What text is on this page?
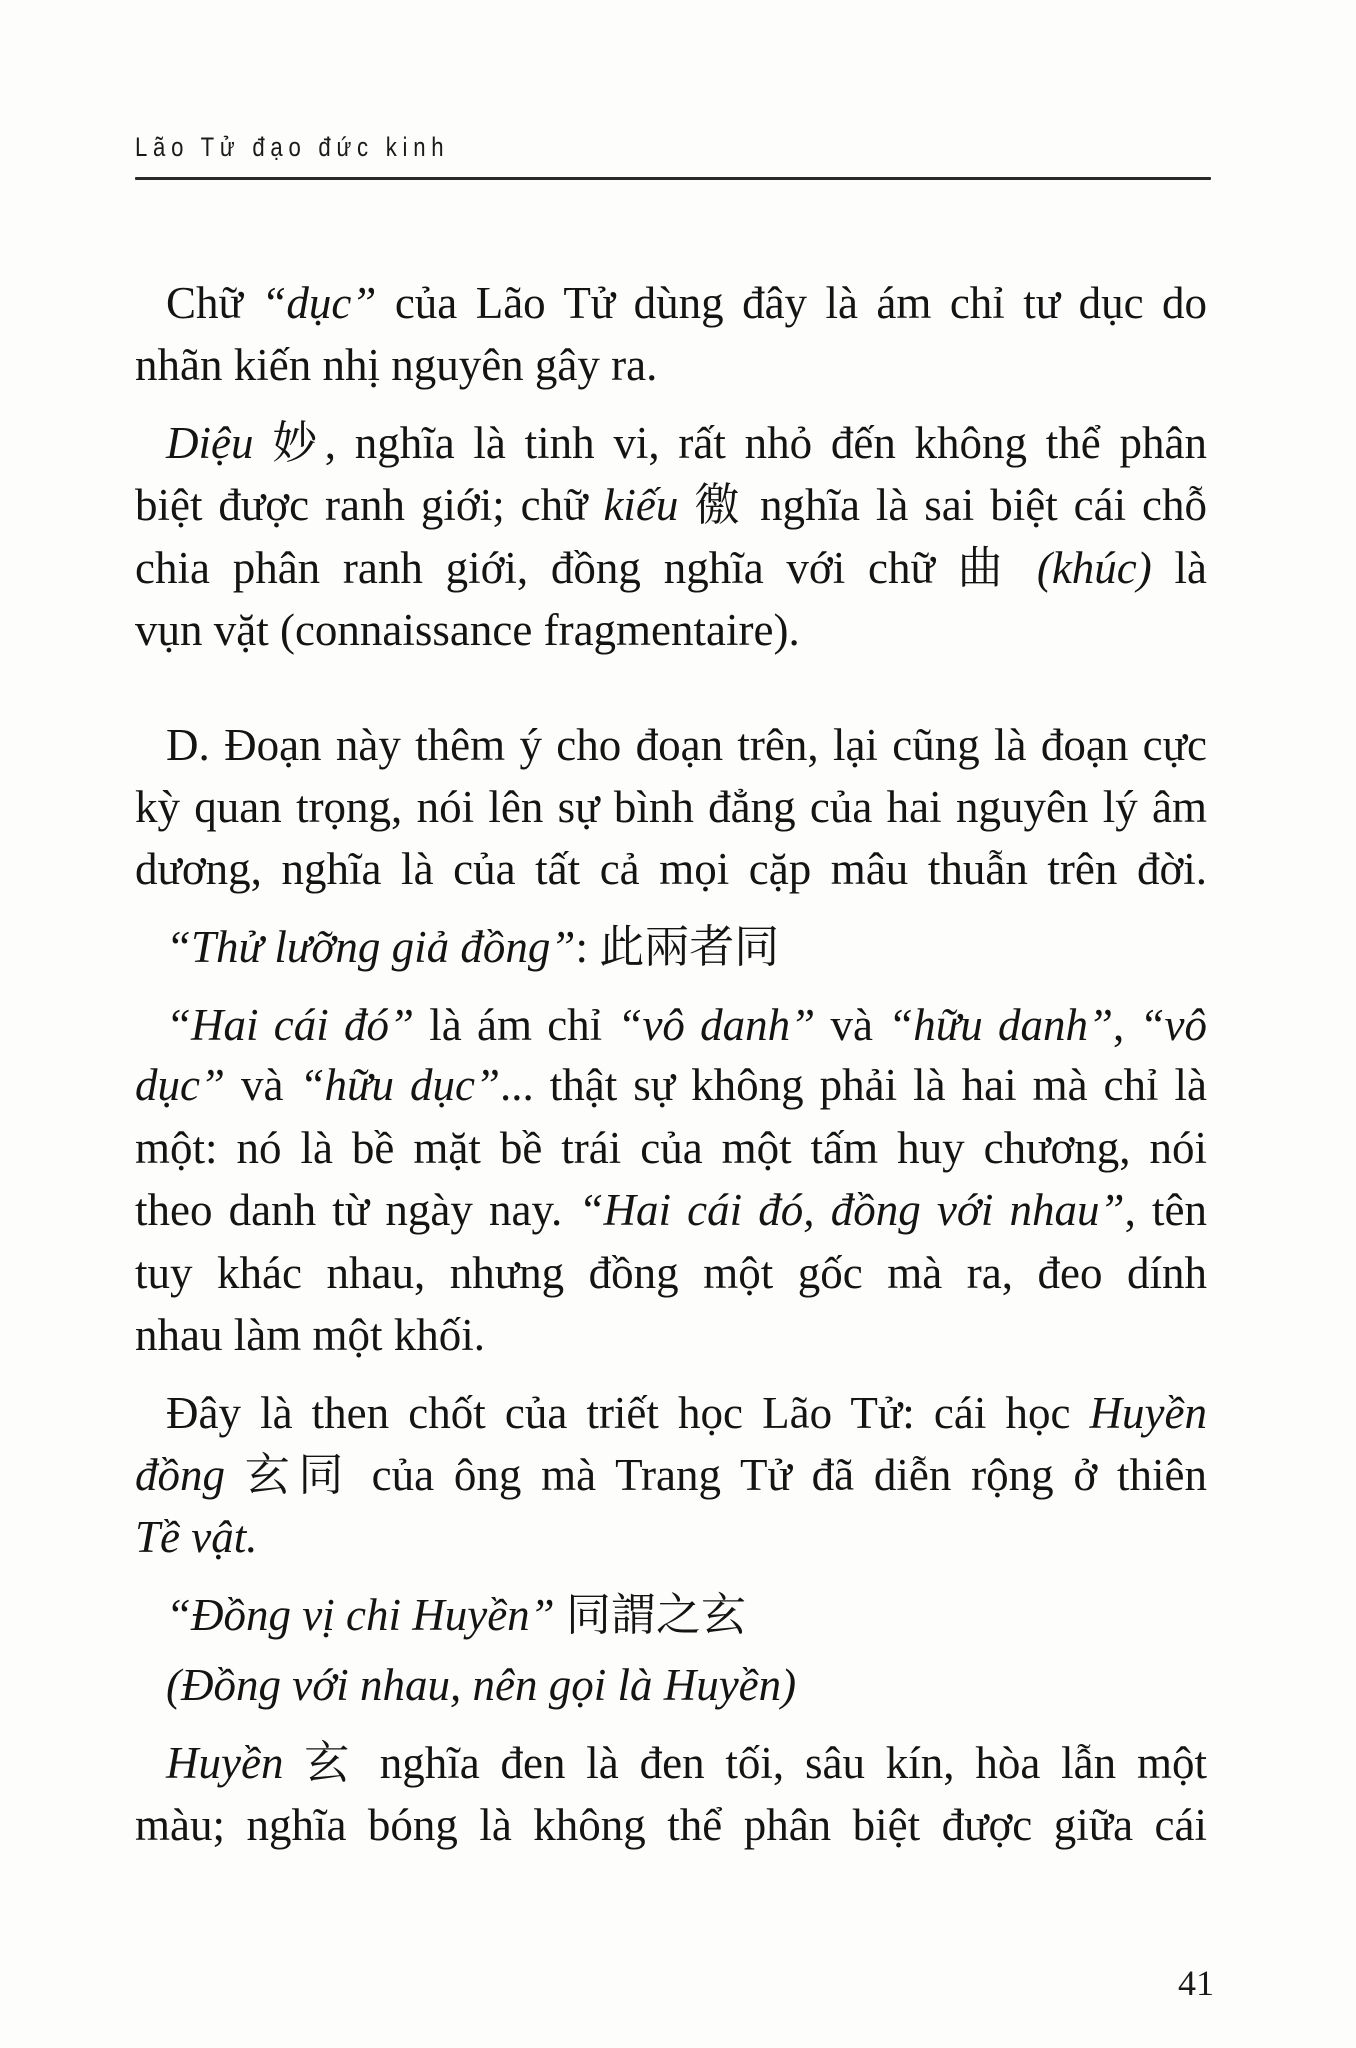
Lão Tử đạo đức kinh
Chữ “dục” của Lão Tử dùng đây là ám chỉ tư dục do
nhãn kiến nhị nguyên gây ra.
Diệu 妙, nghĩa là tinh vi, rất nhỏ đến không thể phân
biệt được ranh giới; chữ kiếu 徼 nghĩa là sai biệt cái chỗ
chia phân ranh giới, đồng nghĩa với chữ 曲 (khúc) là
vụn vặt (connaissance fragmentaire).
D. Đoạn này thêm ý cho đoạn trên, lại cũng là đoạn cực
kỳ quan trọng, nói lên sự bình đẳng của hai nguyên lý âm
dương, nghĩa là của tất cả mọi cặp mâu thuẫn trên đời.
“Thử lưỡng giả đồng”: 此兩者同
“Hai cái đó” là ám chỉ “vô danh” và “hữu danh”, “vô
dục” và “hữu dục”... thật sự không phải là hai mà chỉ là
một: nó là bề mặt bề trái của một tấm huy chương, nói
theo danh từ ngày nay. “Hai cái đó, đồng với nhau”, tên
tuy khác nhau, nhưng đồng một gốc mà ra, đeo dính
nhau làm một khối.
Đây là then chốt của triết học Lão Tử: cái học Huyền
đồng 玄同 của ông mà Trang Tử đã diễn rộng ở thiên
Tề vật.
“Đồng vị chi Huyền” 同謂之玄
(Đồng với nhau, nên gọi là Huyền)
Huyền 玄 nghĩa đen là đen tối, sâu kín, hòa lẫn một
màu; nghĩa bóng là không thể phân biệt được giữa cái
41
